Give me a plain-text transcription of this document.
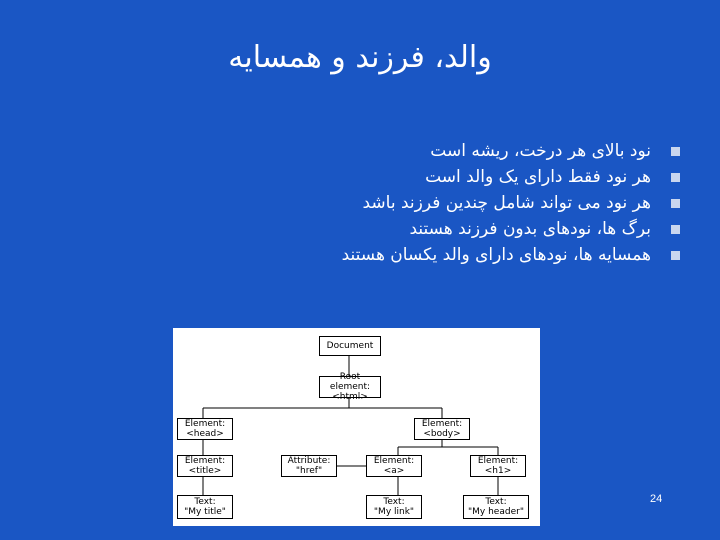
والد، فرزند و همسایه
نود بالای هر درخت، ریشه است
هر نود فقط دارای یک والد است
هر نود می تواند شامل چندین فرزند باشد
برگ ها، نودهای بدون فرزند هستند
همسایه ها، نودهای دارای والد یکسان هستند
Document
Root element:
<html>
Element:
<head>
Element:
<body>
Element:
<title>
Attribute:
"href"
Element:
<a>
Element:
<h1>
Text:
"My title"
Text:
"My link"
Text:
"My header"
24
